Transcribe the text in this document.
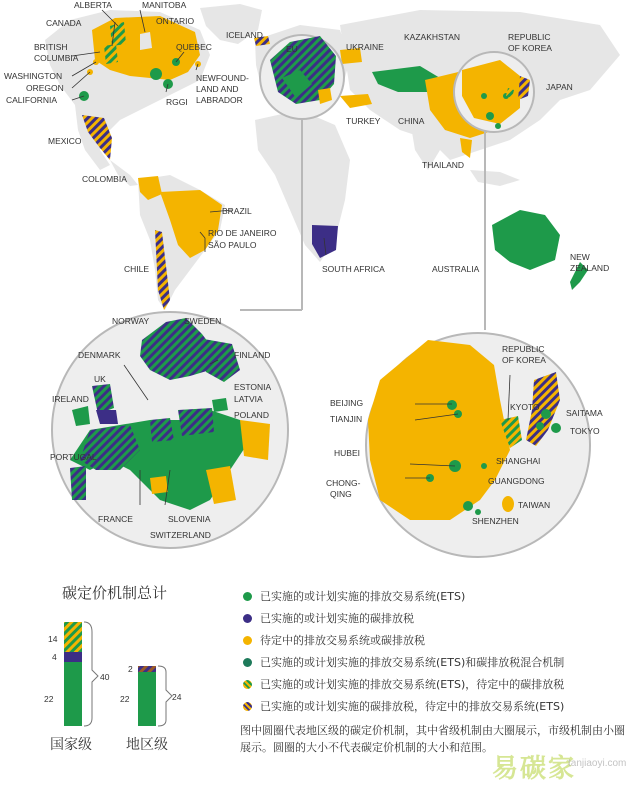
ALBERTA	MANITOBA
ONTARIO
CANADA
BRITISH
COLUMBIA
WASHINGTON
OREGON
CALIFORNIA
QUEBEC
RGGI
NEWFOUND-
LAND AND
LABRADOR
ICELAND
EU	UKRAINE
KAZAKHSTAN	REPUBLIC
OF KOREA
JAPAN
TURKEY CHINA
MEXICO
THAILAND
COLOMBIA
BRAZIL
RIO DE JANEIRO
SÃO PAULO
CHILE	SOUTH AFRICA	AUSTRALIA
NEW
ZEALAND
NORWAY	SWEDEN
DENMARK	FINLAND
UK
ESTONIA
LATVIA
IRELAND
POLAND
PORTUGAL
FRANCE	SLOVENIA
SWITZERLAND
REPUBLIC
OF KOREA
BEIJING
TIANJIN
KYOTO
SAITAMA
TOKYO
HUBEI
SHANGHAI
CHONG-
QING
GUANGDONG
TAIWAN
SHENZHEN
14
4
22
40
2
22	24
碳定价机制总计
国家级 地区级
已实施的或计划实施的排放交易系统(ETS)
已实施的或计划实施的碳排放税
待定中的排放交易系统或碳排放税
已实施的或计划实施的排放交易系统(ETS)和碳排放税混合机制
已实施的或计划实施的排放交易系统(ETS)，待定中的碳排放税
已实施的或计划实施的碳排放税，待定中的排放交易系统(ETS)
图中圆圈代表地区级的碳定价机制，其中省级机制由大圈展示，市级机制由小圈展示。圆圈的大小不代表碳定价机制的大小和范围。
易碳家
tanjiaoyi.com
